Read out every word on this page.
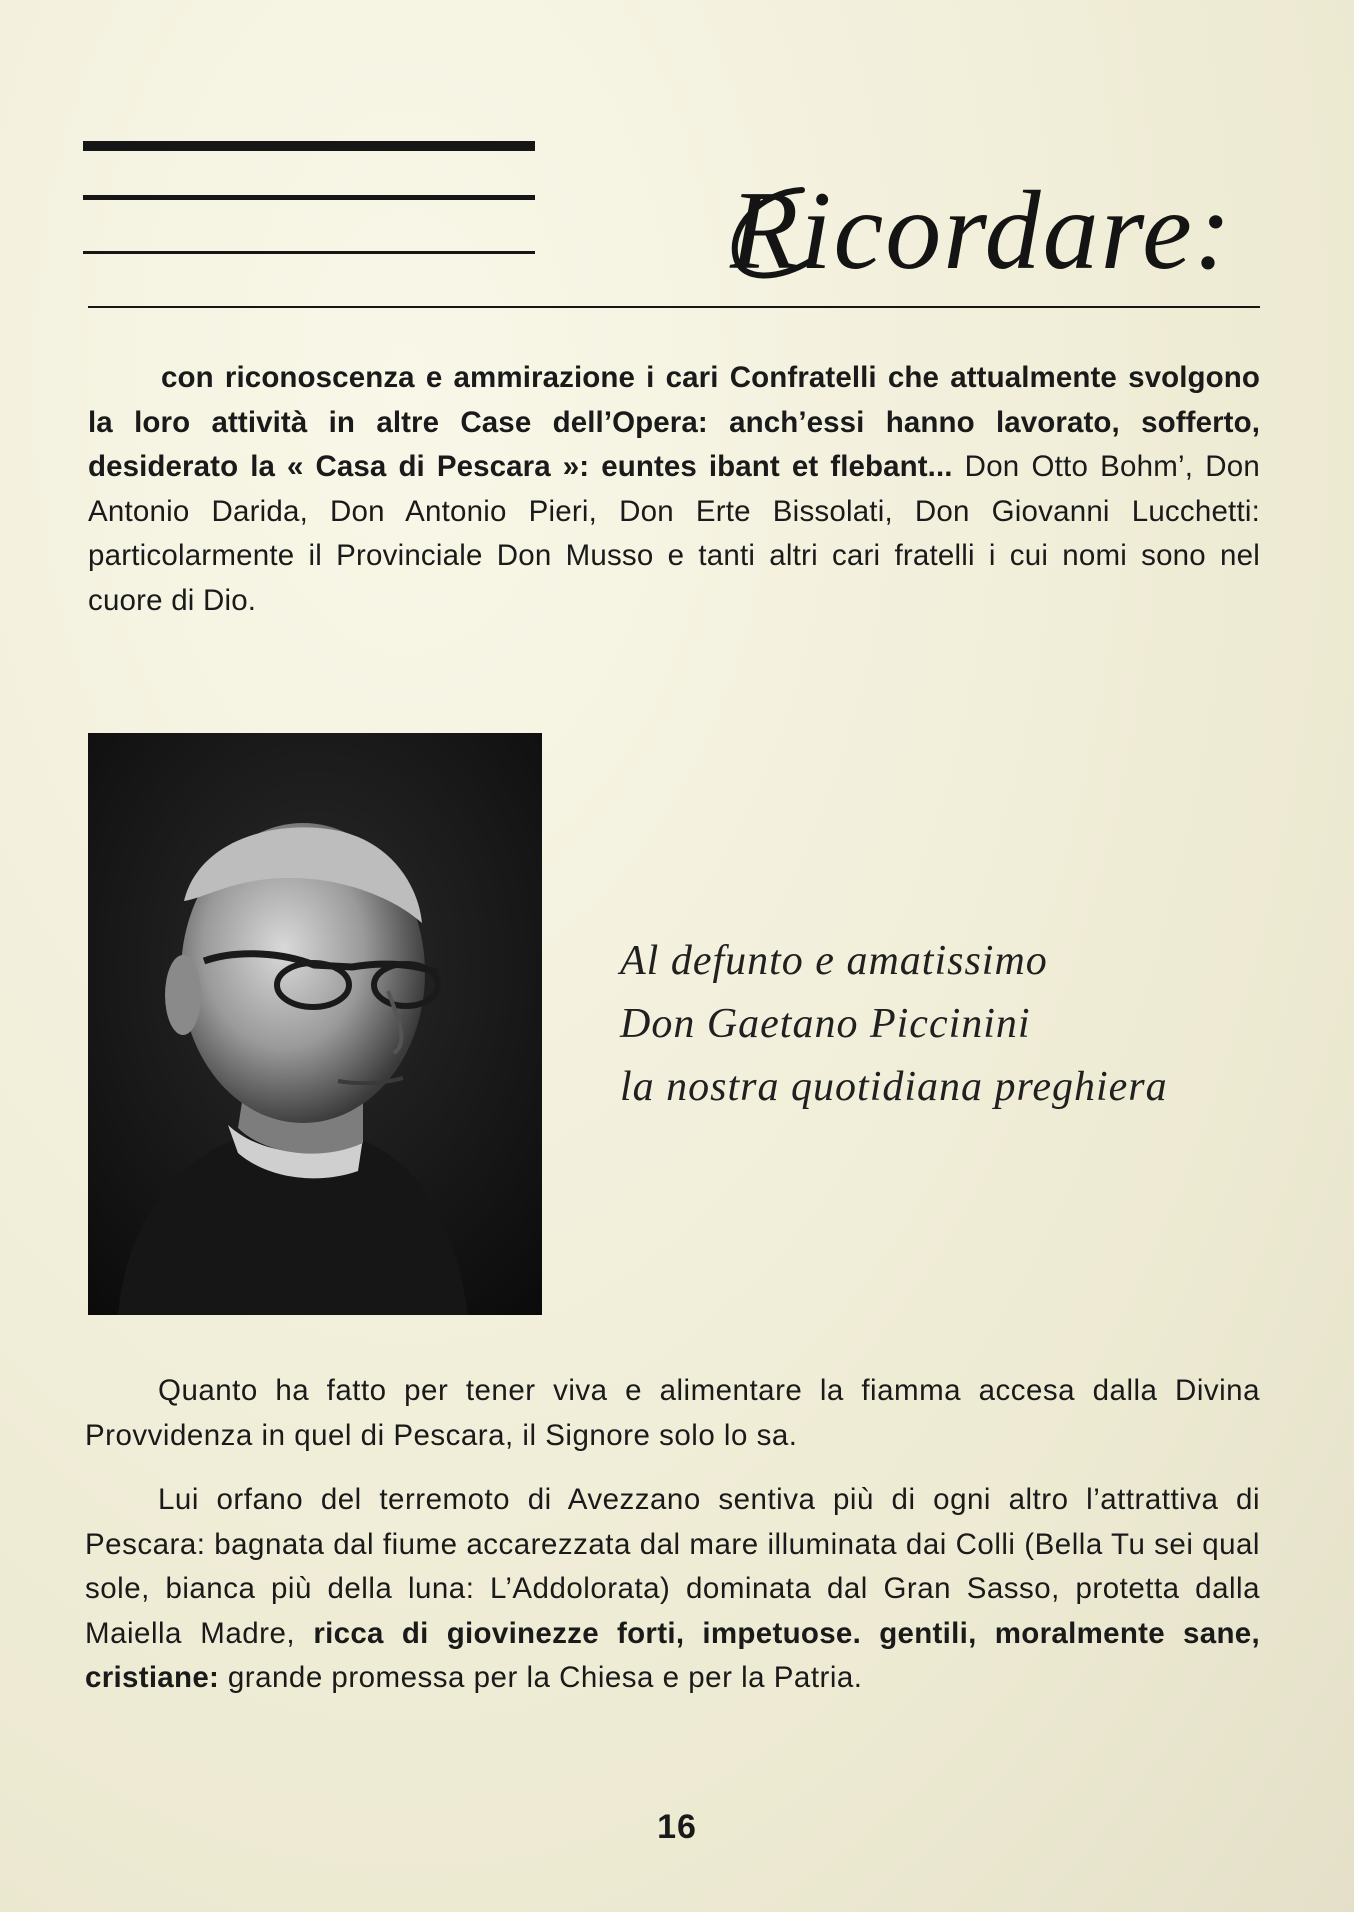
Ricordare:

con riconoscenza e ammirazione i cari Confratelli che attualmente svolgono la loro attività in altre Case dell’Opera: anch’essi hanno lavorato, sofferto, desiderato la « Casa di Pescara »: euntes ibant et flebant... Don Otto Bohm’, Don Antonio Darida, Don Antonio Pieri, Don Erte Bissolati, Don Giovanni Lucchetti: particolarmente il Provinciale Don Musso e tanti altri cari fratelli i cui nomi sono nel cuore di Dio.

Al defunto e amatissimo
Don Gaetano Piccinini
la nostra quotidiana preghiera

Quanto ha fatto per tener viva e alimentare la fiamma accesa dalla Divina Provvidenza in quel di Pescara, il Signore solo lo sa.

Lui orfano del terremoto di Avezzano sentiva più di ogni altro l’attrattiva di Pescara: bagnata dal fiume accarezzata dal mare illuminata dai Colli (Bella Tu sei qual sole, bianca più della luna: L’Addolorata) dominata dal Gran Sasso, protetta dalla Maiella Madre, ricca di giovinezze forti, impetuose. gentili, moralmente sane, cristiane: grande promessa per la Chiesa e per la Patria.

16
